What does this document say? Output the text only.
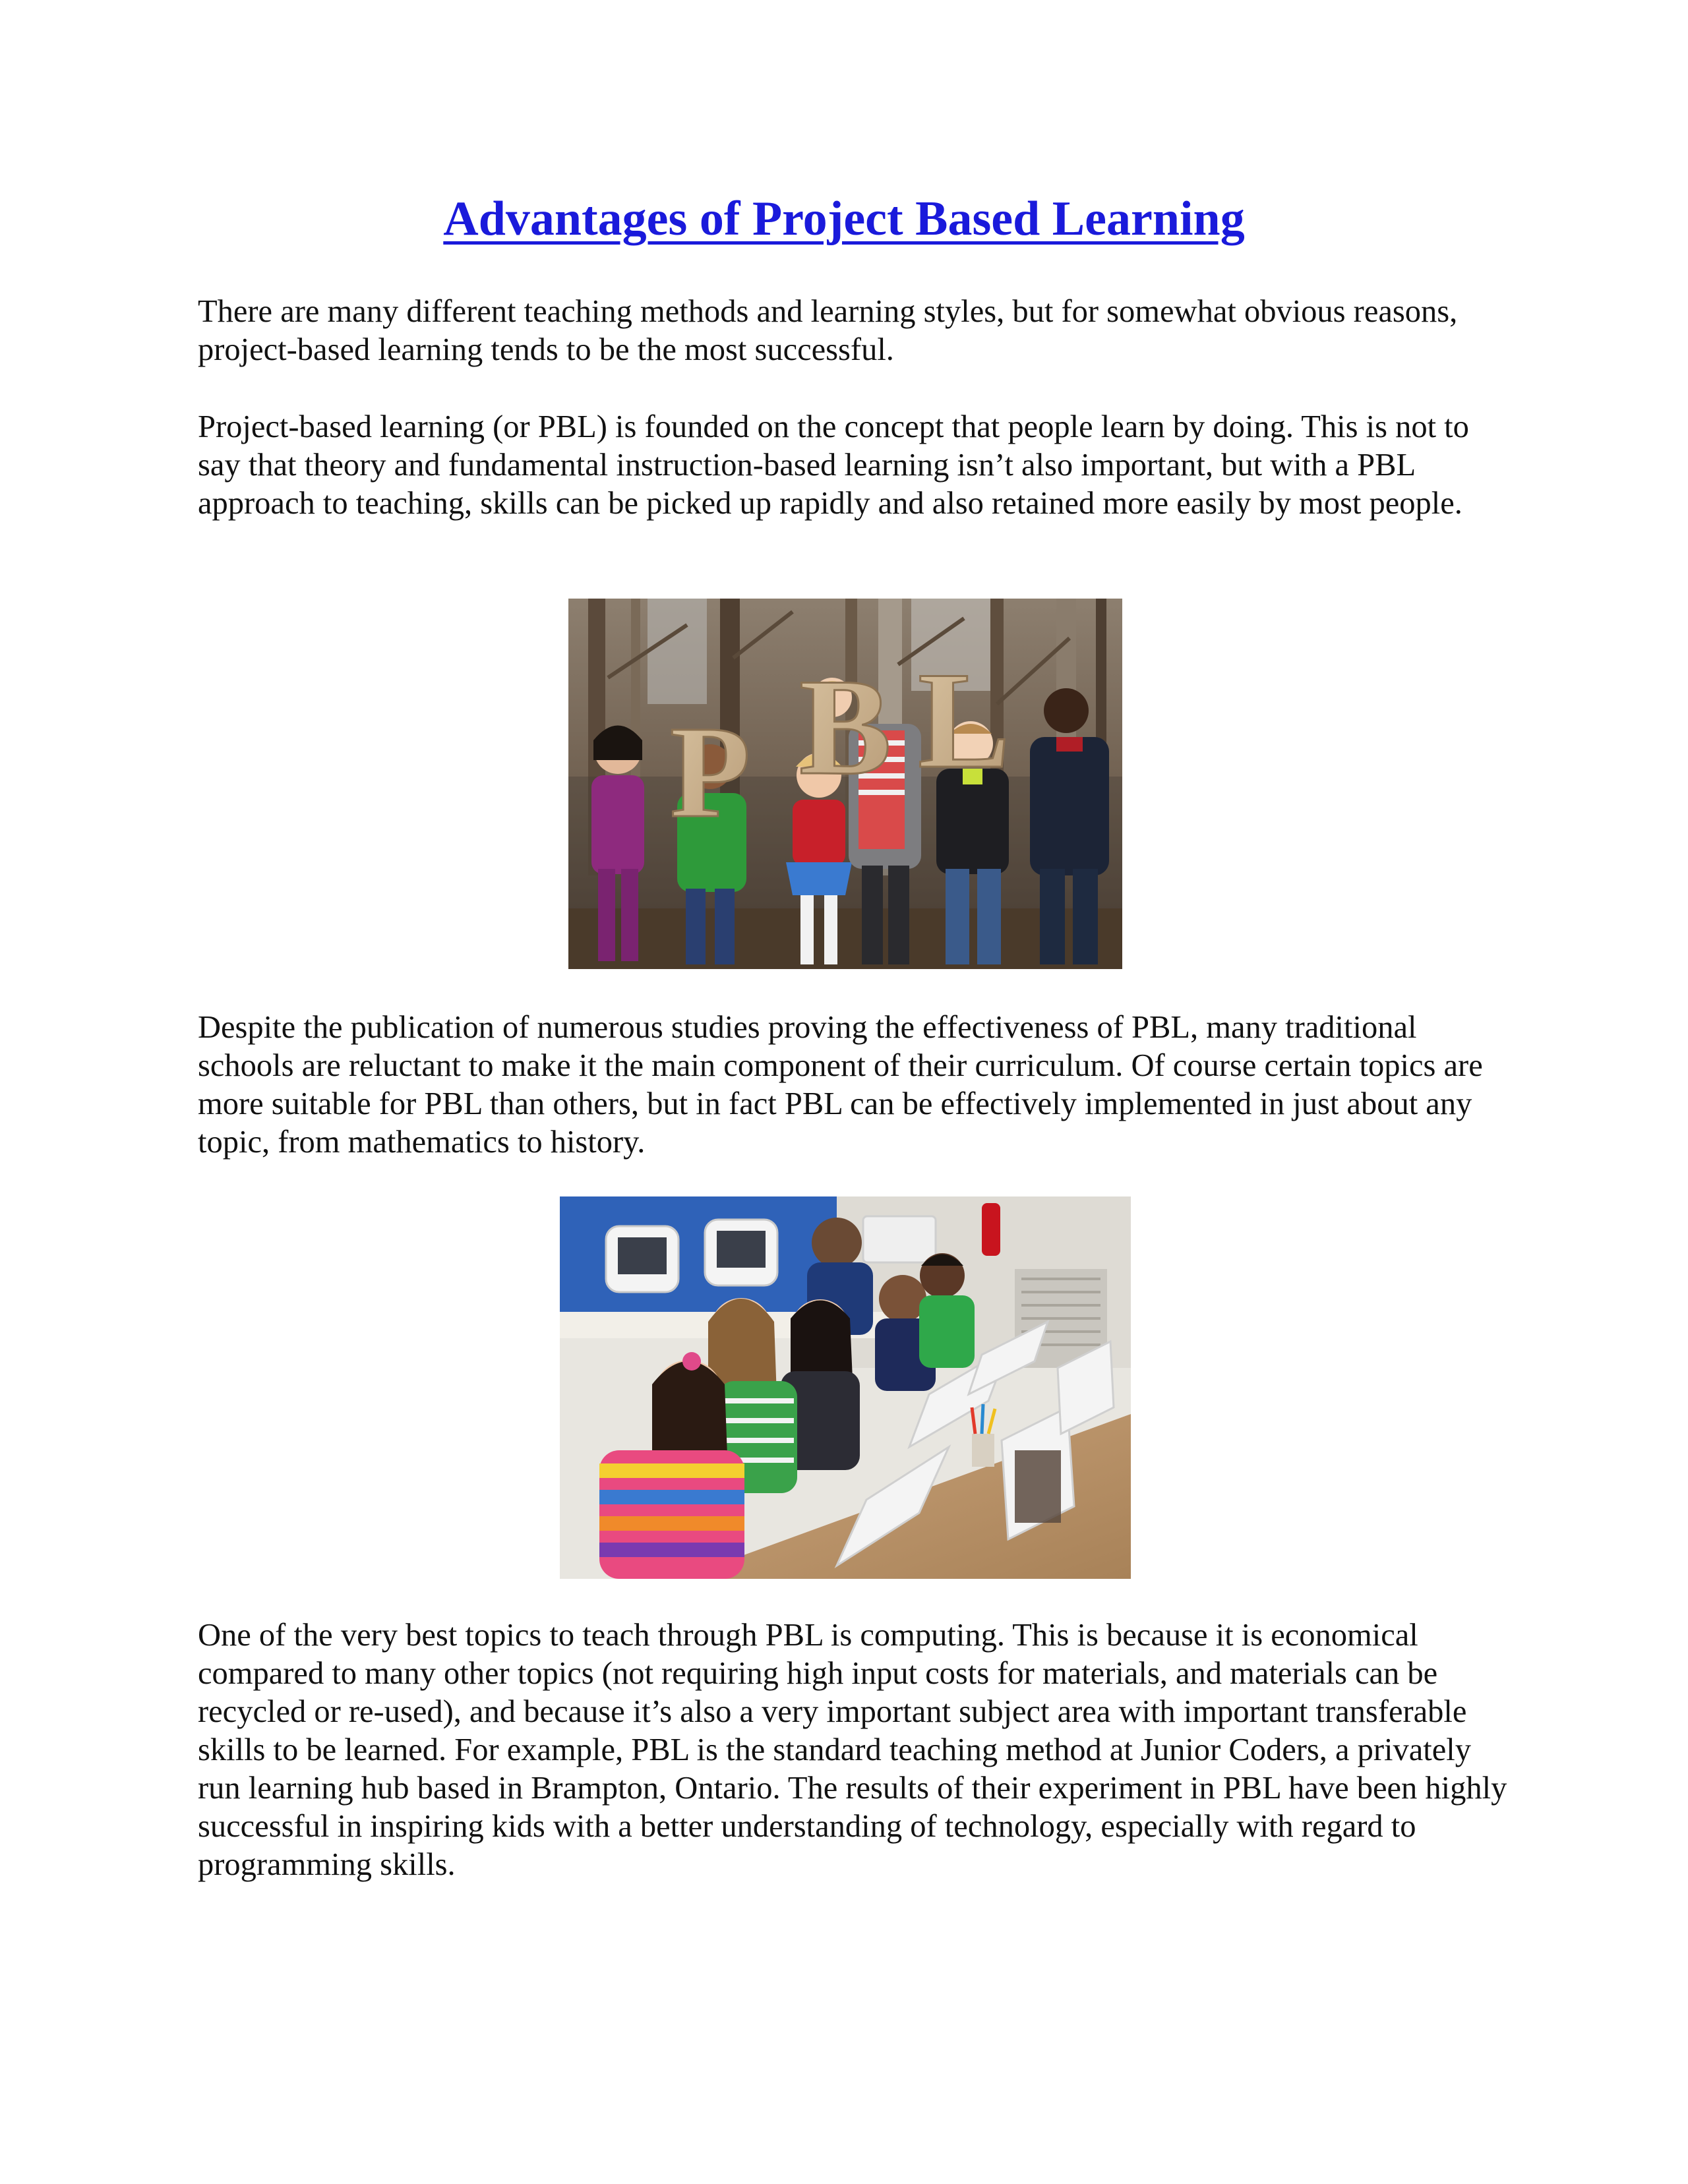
Advantages of Project Based Learning

There are many different teaching methods and learning styles, but for somewhat obvious reasons, project-based learning tends to be the most successful.

Project-based learning (or PBL) is founded on the concept that people learn by doing. This is not to say that theory and fundamental instruction-based learning isn’t also important, but with a PBL approach to teaching, skills can be picked up rapidly and also retained more easily by most people.

P B L

Despite the publication of numerous studies proving the effectiveness of PBL, many traditional schools are reluctant to make it the main component of their curriculum. Of course certain topics are more suitable for PBL than others, but in fact PBL can be effectively implemented in just about any topic, from mathematics to history.

One of the very best topics to teach through PBL is computing. This is because it is economical compared to many other topics (not requiring high input costs for materials, and materials can be recycled or re-used), and because it’s also a very important subject area with important transferable skills to be learned. For example, PBL is the standard teaching method at Junior Coders, a privately run learning hub based in Brampton, Ontario. The results of their experiment in PBL have been highly successful in inspiring kids with a better understanding of technology, especially with regard to programming skills.
